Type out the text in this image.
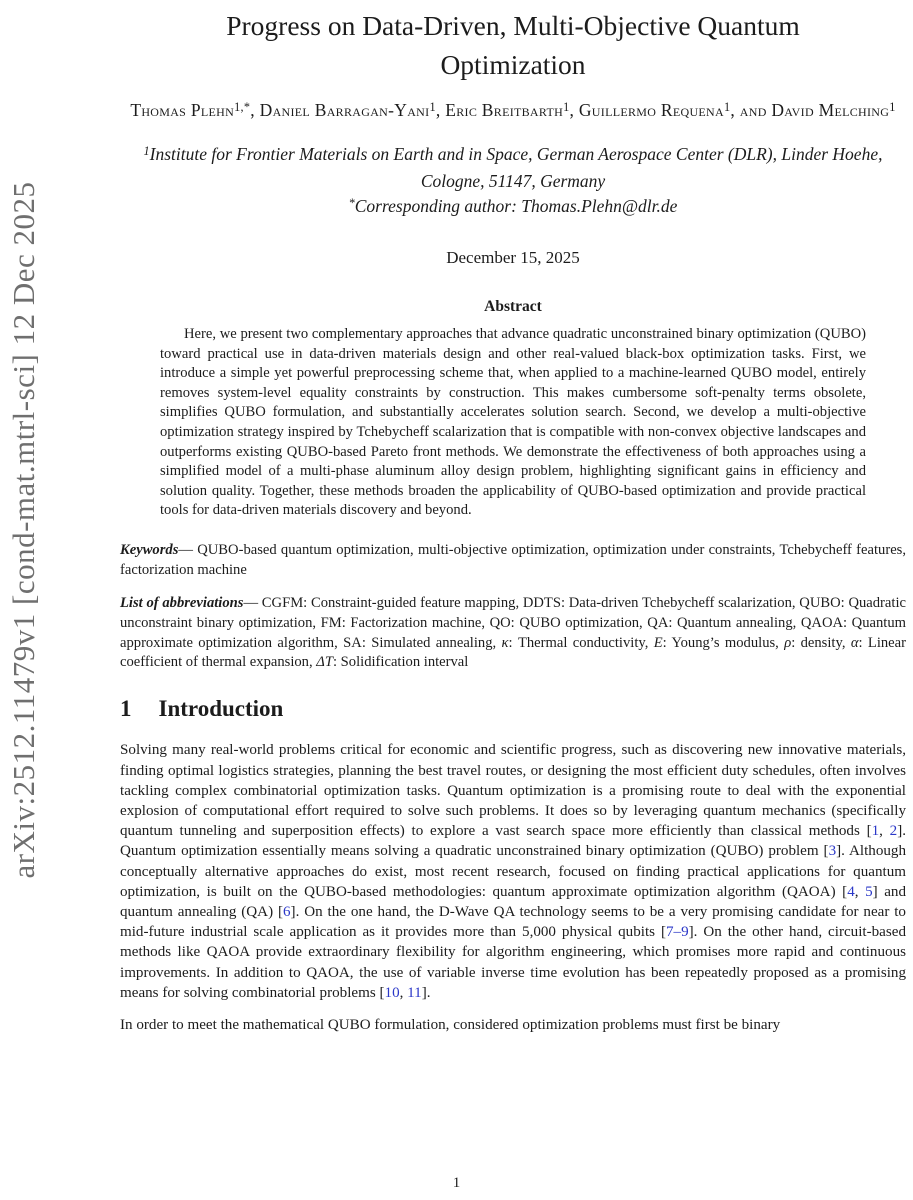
arXiv:2512.11479v1 [cond-mat.mtrl-sci] 12 Dec 2025
Progress on Data-Driven, Multi-Objective Quantum
Optimization
Thomas Plehn$^{1,*}$, Daniel Barragan-Yani$^1$, Eric Breitbarth$^1$, Guillermo Requena$^1$, and David Melching$^1$
$^1$Institute for Frontier Materials on Earth and in Space, German Aerospace Center (DLR), Linder Hoehe, Cologne, 51147, Germany
*Corresponding author: Thomas.Plehn@dlr.de
December 15, 2025
Abstract
Here, we present two complementary approaches that advance quadratic unconstrained binary optimization (QUBO) toward practical use in data-driven materials design and other real-valued black-box optimization tasks. First, we introduce a simple yet powerful preprocessing scheme that, when applied to a machine-learned QUBO model, entirely removes system-level equality constraints by construction. This makes cumbersome soft-penalty terms obsolete, simplifies QUBO formulation, and substantially accelerates solution search. Second, we develop a multi-objective optimization strategy inspired by Tchebycheff scalarization that is compatible with non-convex objective landscapes and outperforms existing QUBO-based Pareto front methods. We demonstrate the effectiveness of both approaches using a simplified model of a multi-phase aluminum alloy design problem, highlighting significant gains in efficiency and solution quality. Together, these methods broaden the applicability of QUBO-based optimization and provide practical tools for data-driven materials discovery and beyond.
Keywords— QUBO-based quantum optimization, multi-objective optimization, optimization under constraints, Tchebycheff features, factorization machine
List of abbreviations— CGFM: Constraint-guided feature mapping, DDTS: Data-driven Tchebycheff scalarization, QUBO: Quadratic unconstraint binary optimization, FM: Factorization machine, QO: QUBO optimization, QA: Quantum annealing, QAOA: Quantum approximate optimization algorithm, SA: Simulated annealing, κ: Thermal conductivity, E: Young’s modulus, ρ: density, α: Linear coefficient of thermal expansion, ΔT: Solidification interval
1 Introduction
Solving many real-world problems critical for economic and scientific progress, such as discovering new innovative materials, finding optimal logistics strategies, planning the best travel routes, or designing the most efficient duty schedules, often involves tackling complex combinatorial optimization tasks. Quantum optimization is a promising route to deal with the exponential explosion of computational effort required to solve such problems. It does so by leveraging quantum mechanics (specifically quantum tunneling and superposition effects) to explore a vast search space more efficiently than classical methods [1, 2]. Quantum optimization essentially means solving a quadratic unconstrained binary optimization (QUBO) problem [3]. Although conceptually alternative approaches do exist, most recent research, focused on finding practical applications for quantum optimization, is built on the QUBO-based methodologies: quantum approximate optimization algorithm (QAOA) [4, 5] and quantum annealing (QA) [6]. On the one hand, the D-Wave QA technology seems to be a very promising candidate for near to mid-future industrial scale application as it provides more than 5,000 physical qubits [7–9]. On the other hand, circuit-based methods like QAOA provide extraordinary flexibility for algorithm engineering, which promises more rapid and continuous improvements. In addition to QAOA, the use of variable inverse time evolution has been repeatedly proposed as a promising means for solving combinatorial problems [10, 11].
In order to meet the mathematical QUBO formulation, considered optimization problems must first be binary
1
